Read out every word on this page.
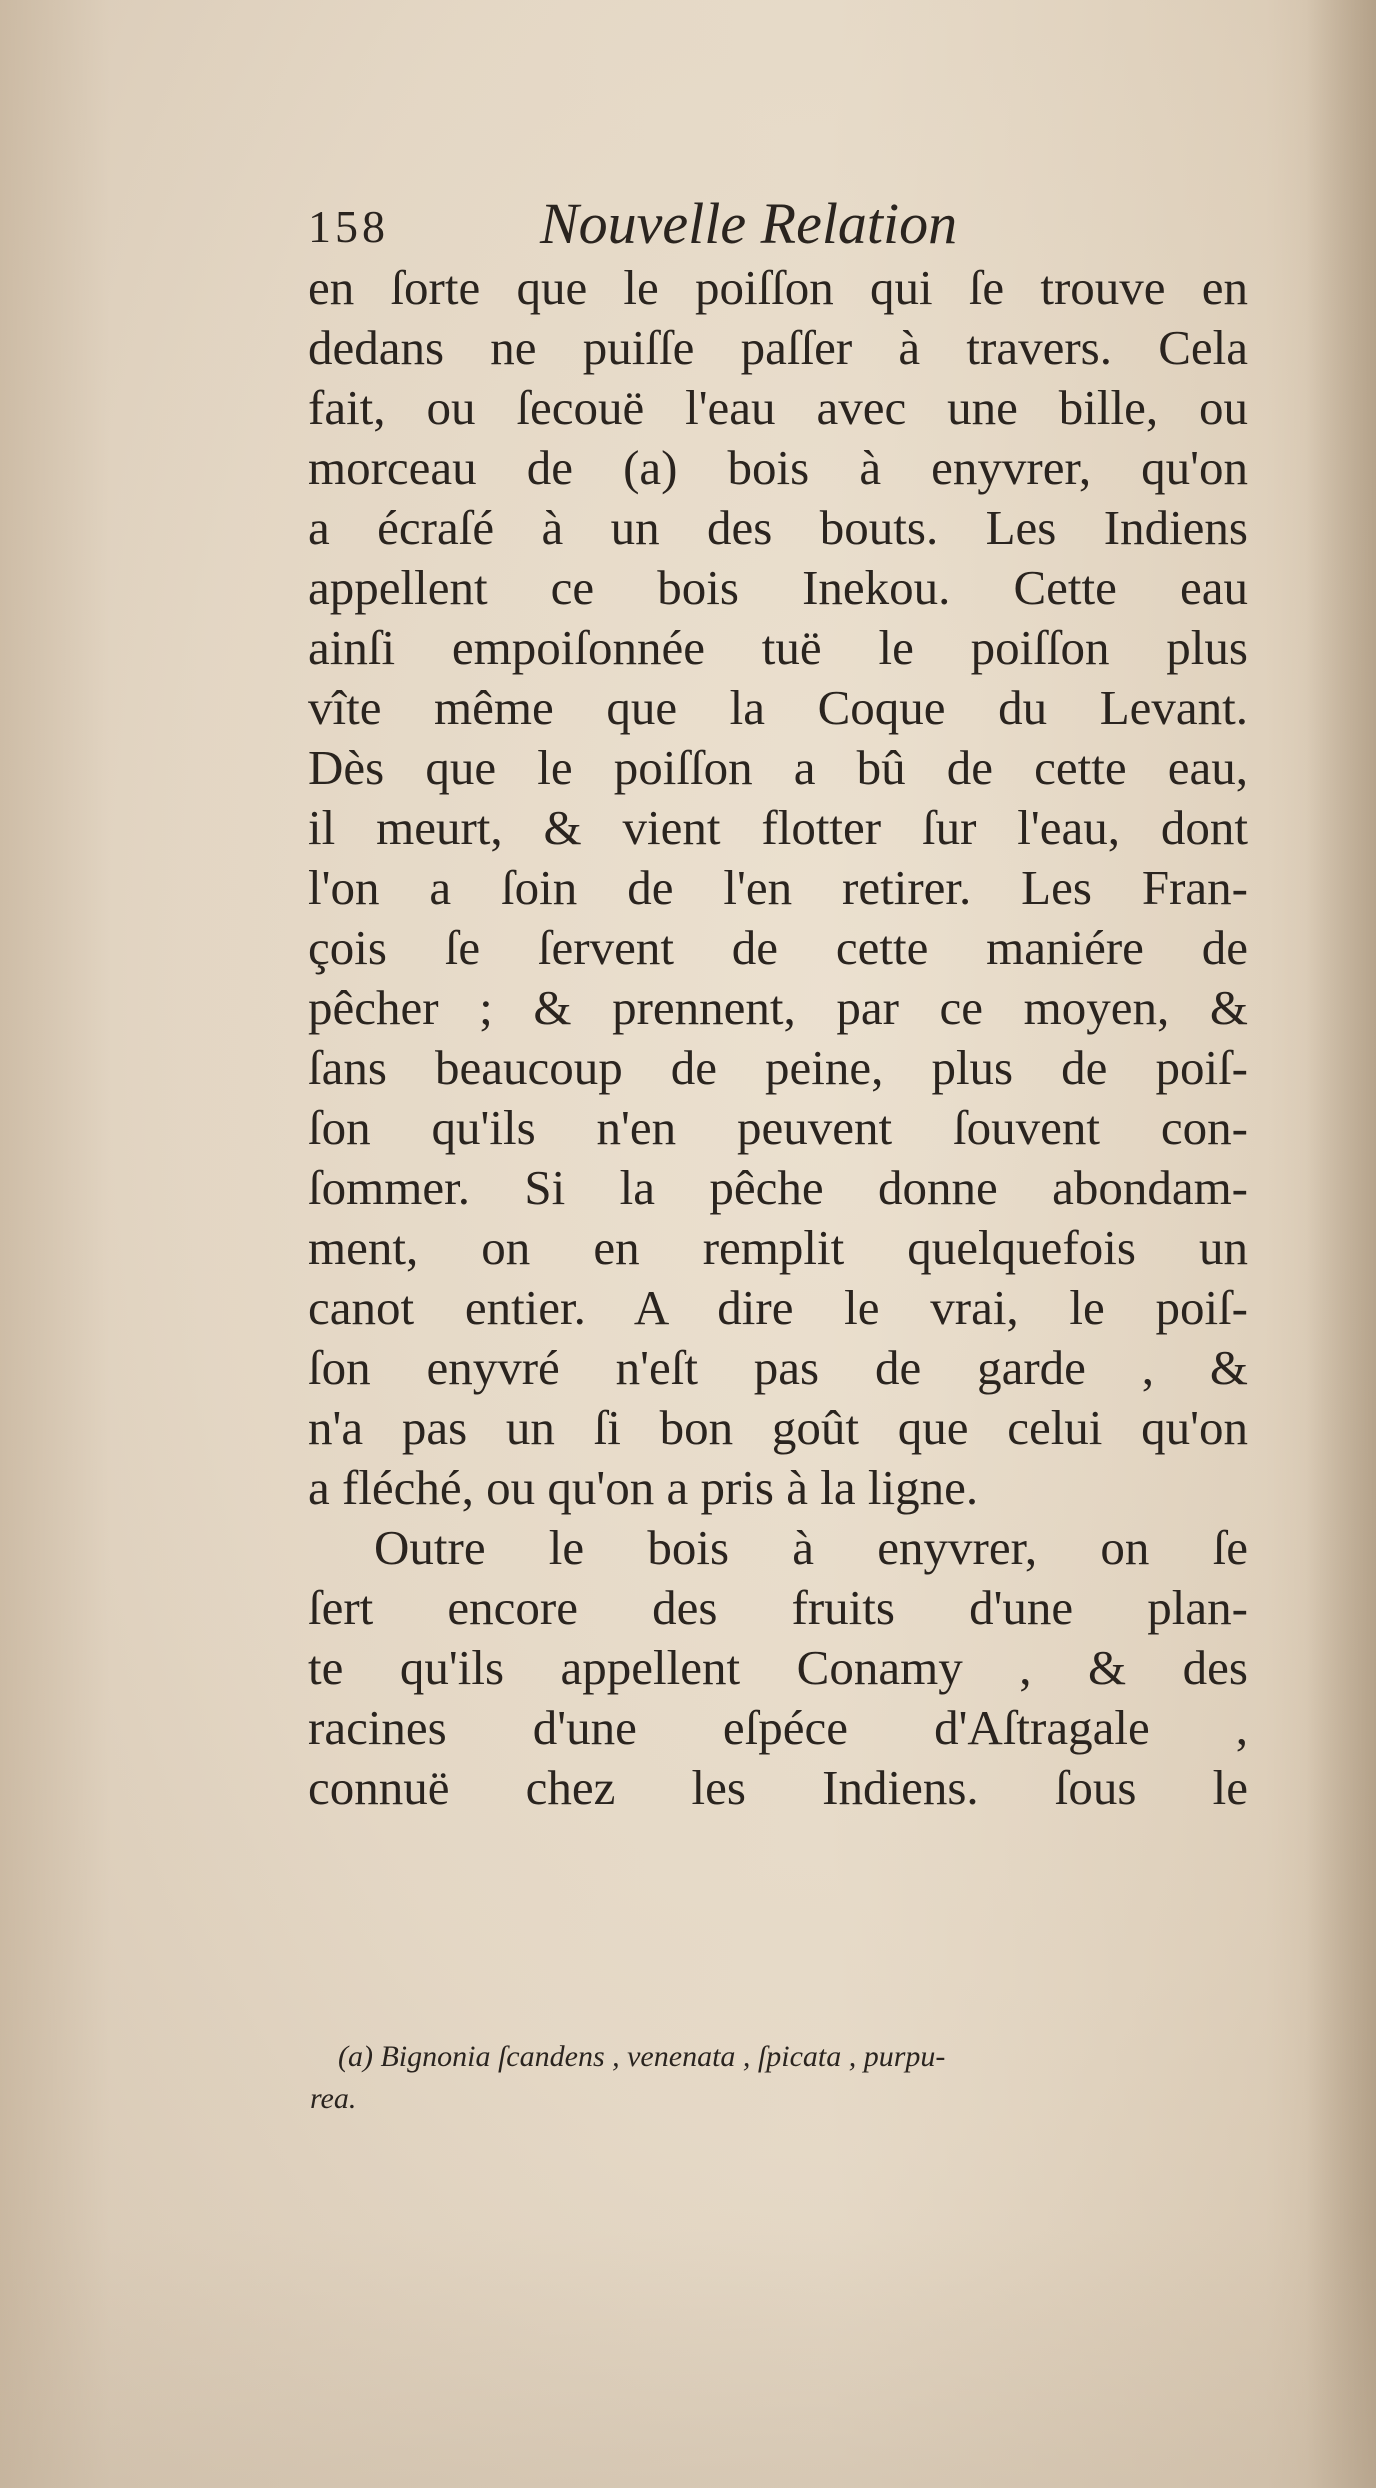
158	Nouvelle Relation
en ſorte que le poiſſon qui ſe trouve en
dedans ne puiſſe paſſer à travers. Cela
fait, ou ſecouë l'eau avec une bille, ou
morceau de (a) bois à enyvrer, qu'on
a écraſé à un des bouts. Les Indiens
appellent ce bois Inekou. Cette eau
ainſi empoiſonnée tuë le poiſſon plus
vîte même que la Coque du Levant.
Dès que le poiſſon a bû de cette eau,
il meurt, & vient flotter ſur l'eau, dont
l'on a ſoin de l'en retirer. Les Fran-
çois ſe ſervent de cette maniére de
pêcher ; & prennent, par ce moyen, &
ſans beaucoup de peine, plus de poiſ-
ſon qu'ils n'en peuvent ſouvent con-
ſommer. Si la pêche donne abondam-
ment, on en remplit quelquefois un
canot entier. A dire le vrai, le poiſ-
ſon enyvré n'eſt pas de garde , &
n'a pas un ſi bon goût que celui qu'on
a fléché, ou qu'on a pris à la ligne.
Outre le bois à enyvrer, on ſe
ſert encore des fruits d'une plan-
te qu'ils appellent Conamy , & des
racines d'une eſpéce d'Aſtragale ,
connuë chez les Indiens. ſous le
(a) Bignonia ſcandens , venenata , ſpicata , purpu-
rea.
